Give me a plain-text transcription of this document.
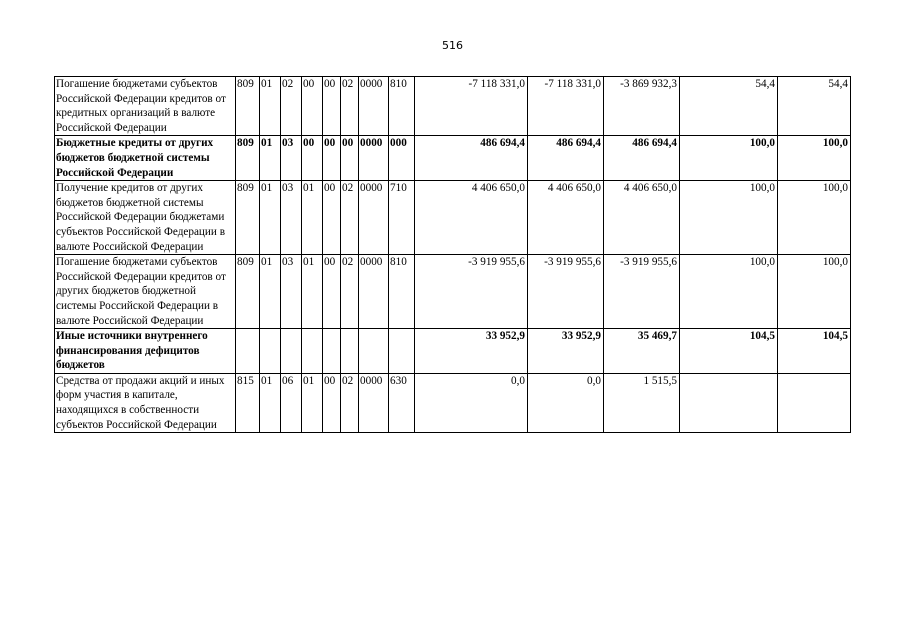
516
Погашение бюджетами субъектов Российской Федерации кредитов от кредитных организаций в валюте Российской Федерации	809	01	02	00	00	02	0000	810	-7 118 331,0	-7 118 331,0	-3 869 932,3	54,4	54,4
Бюджетные кредиты от других бюджетов бюджетной системы Российской Федерации	809	01	03	00	00	00	0000	000	486 694,4	486 694,4	486 694,4	100,0	100,0
Получение кредитов от других бюджетов бюджетной системы Российской Федерации бюджетами субъектов Российской Федерации в валюте Российской Федерации	809	01	03	01	00	02	0000	710	4 406 650,0	4 406 650,0	4 406 650,0	100,0	100,0
Погашение бюджетами субъектов Российской Федерации кредитов от других бюджетов бюджетной системы Российской Федерации в валюте Российской Федерации	809	01	03	01	00	02	0000	810	-3 919 955,6	-3 919 955,6	-3 919 955,6	100,0	100,0
Иные источники внутреннего финансирования дефицитов бюджетов									33 952,9	33 952,9	35 469,7	104,5	104,5
Средства от продажи акций и иных форм участия в капитале, находящихся в собственности субъектов Российской Федерации	815	01	06	01	00	02	0000	630	0,0	0,0	1 515,5		
